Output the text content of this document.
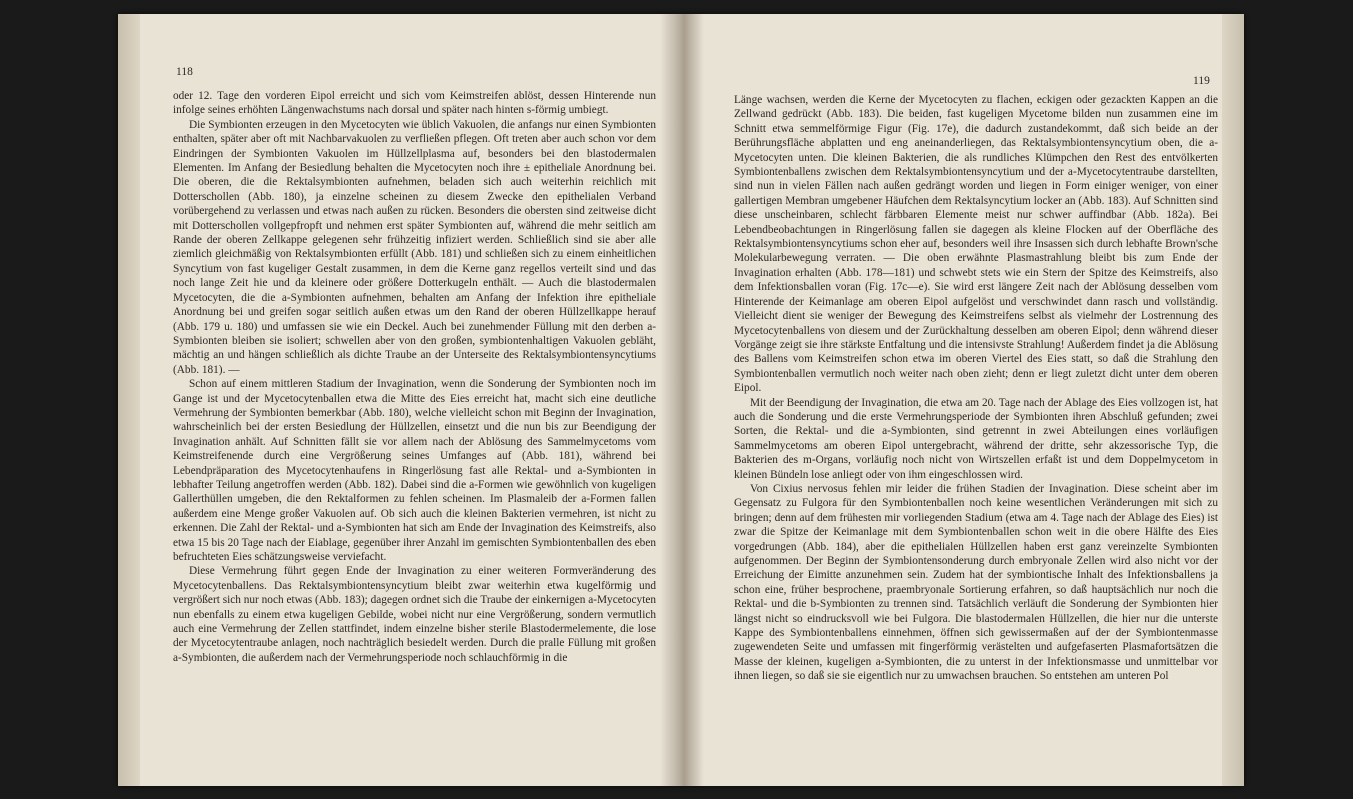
118
119

oder 12. Tage den vorderen Eipol erreicht und sich vom Keimstreifen ablöst, dessen Hinterende nun infolge seines erhöhten Längenwachstums nach dorsal und später nach hinten s-förmig umbiegt.

Die Symbionten erzeugen in den Mycetocyten wie üblich Vakuolen, die anfangs nur einen Symbionten enthalten, später aber oft mit Nachbarvakuolen zu verfließen pflegen. Oft treten aber auch schon vor dem Eindringen der Symbionten Vakuolen im Hüllzellplasma auf, besonders bei den blastodermalen Elementen. Im Anfang der Besiedlung behalten die Mycetocyten noch ihre ± epitheliale Anordnung bei. Die oberen, die die Rektalsymbionten aufnehmen, beladen sich auch weiterhin reichlich mit Dotterschollen (Abb. 180), ja einzelne scheinen zu diesem Zwecke den epithelialen Verband vorübergehend zu verlassen und etwas nach außen zu rücken. Besonders die obersten sind zeitweise dicht mit Dotterschollen vollgepfropft und nehmen erst später Symbionten auf, während die mehr seitlich am Rande der oberen Zellkappe gelegenen sehr frühzeitig infiziert werden. Schließlich sind sie aber alle ziemlich gleichmäßig von Rektalsymbionten erfüllt (Abb. 181) und schließen sich zu einem einheitlichen Syncytium von fast kugeliger Gestalt zusammen, in dem die Kerne ganz regellos verteilt sind und das noch lange Zeit hie und da kleinere oder größere Dotterkugeln enthält. — Auch die blastodermalen Mycetocyten, die die a-Symbionten aufnehmen, behalten am Anfang der Infektion ihre epitheliale Anordnung bei und greifen sogar seitlich außen etwas um den Rand der oberen Hüllzellkappe herauf (Abb. 179 u. 180) und umfassen sie wie ein Deckel. Auch bei zunehmender Füllung mit den derben a-Symbionten bleiben sie isoliert; schwellen aber von den großen, symbiontenhaltigen Vakuolen gebläht, mächtig an und hängen schließlich als dichte Traube an der Unterseite des Rektalsymbiontensyncytiums (Abb. 181). —

Schon auf einem mittleren Stadium der Invagination, wenn die Sonderung der Symbionten noch im Gange ist und der Mycetocytenballen etwa die Mitte des Eies erreicht hat, macht sich eine deutliche Vermehrung der Symbionten bemerkbar (Abb. 180), welche vielleicht schon mit Beginn der Invagination, wahrscheinlich bei der ersten Besiedlung der Hüllzellen, einsetzt und die nun bis zur Beendigung der Invagination anhält. Auf Schnitten fällt sie vor allem nach der Ablösung des Sammelmycetoms vom Keimstreifenende durch eine Vergrößerung seines Umfanges auf (Abb. 181), während bei Lebendpräparation des Mycetocytenhaufens in Ringerlösung fast alle Rektal- und a-Symbionten in lebhafter Teilung angetroffen werden (Abb. 182). Dabei sind die a-Formen wie gewöhnlich von kugeligen Gallerthüllen umgeben, die den Rektalformen zu fehlen scheinen. Im Plasmaleib der a-Formen fallen außerdem eine Menge großer Vakuolen auf. Ob sich auch die kleinen Bakterien vermehren, ist nicht zu erkennen. Die Zahl der Rektal- und a-Symbionten hat sich am Ende der Invagination des Keimstreifs, also etwa 15 bis 20 Tage nach der Eiablage, gegenüber ihrer Anzahl im gemischten Symbiontenballen des eben befruchteten Eies schätzungsweise verviefacht.

Diese Vermehrung führt gegen Ende der Invagination zu einer weiteren Formveränderung des Mycetocytenballens. Das Rektalsymbiontensyncytium bleibt zwar weiterhin etwa kugelförmig und vergrößert sich nur noch etwas (Abb. 183); dagegen ordnet sich die Traube der einkernigen a-Mycetocyten nun ebenfalls zu einem etwa kugeligen Gebilde, wobei nicht nur eine Vergrößerung, sondern vermutlich auch eine Vermehrung der Zellen stattfindet, indem einzelne bisher sterile Blastodermelemente, die lose der Mycetocytentraube anlagen, noch nachträglich besiedelt werden. Durch die pralle Füllung mit großen a-Symbionten, die außerdem nach der Vermehrungsperiode noch schlauchförmig in die

Länge wachsen, werden die Kerne der Mycetocyten zu flachen, eckigen oder gezackten Kappen an die Zellwand gedrückt (Abb. 183). Die beiden, fast kugeligen Mycetome bilden nun zusammen eine im Schnitt etwa semmelförmige Figur (Fig. 17e), die dadurch zustandekommt, daß sich beide an der Berührungsfläche abplatten und eng aneinanderliegen, das Rektalsymbiontensyncytium oben, die a-Mycetocyten unten. Die kleinen Bakterien, die als rundliches Klümpchen den Rest des entvölkerten Symbiontenballens zwischen dem Rektalsymbiontensyncytium und der a-Mycetocytentraube darstellten, sind nun in vielen Fällen nach außen gedrängt worden und liegen in Form einiger weniger, von einer gallertigen Membran umgebener Häufchen dem Rektalsyncytium locker an (Abb. 183). Auf Schnitten sind diese unscheinbaren, schlecht färbbaren Elemente meist nur schwer auffindbar (Abb. 182a). Bei Lebendbeobachtungen in Ringerlösung fallen sie dagegen als kleine Flocken auf der Oberfläche des Rektalsymbiontensyncytiums schon eher auf, besonders weil ihre Insassen sich durch lebhafte Brown'sche Molekularbewegung verraten. — Die oben erwähnte Plasmastrahlung bleibt bis zum Ende der Invagination erhalten (Abb. 178—181) und schwebt stets wie ein Stern der Spitze des Keimstreifs, also dem Infektionsballen voran (Fig. 17c—e). Sie wird erst längere Zeit nach der Ablösung desselben vom Hinterende der Keimanlage am oberen Eipol aufgelöst und verschwindet dann rasch und vollständig. Vielleicht dient sie weniger der Bewegung des Keimstreifens selbst als vielmehr der Lostrennung des Mycetocytenballens von diesem und der Zurückhaltung desselben am oberen Eipol; denn während dieser Vorgänge zeigt sie ihre stärkste Entfaltung und die intensivste Strahlung! Außerdem findet ja die Ablösung des Ballens vom Keimstreifen schon etwa im oberen Viertel des Eies statt, so daß die Strahlung den Symbiontenballen vermutlich noch weiter nach oben zieht; denn er liegt zuletzt dicht unter dem oberen Eipol.

Mit der Beendigung der Invagination, die etwa am 20. Tage nach der Ablage des Eies vollzogen ist, hat auch die Sonderung und die erste Vermehrungsperiode der Symbionten ihren Abschluß gefunden; zwei Sorten, die Rektal- und die a-Symbionten, sind getrennt in zwei Abteilungen eines vorläufigen Sammelmycetoms am oberen Eipol untergebracht, während der dritte, sehr akzessorische Typ, die Bakterien des m-Organs, vorläufig noch nicht von Wirtszellen erfaßt ist und dem Doppelmycetom in kleinen Bündeln lose anliegt oder von ihm eingeschlossen wird.

Von Cixius nervosus fehlen mir leider die frühen Stadien der Invagination. Diese scheint aber im Gegensatz zu Fulgora für den Symbiontenballen noch keine wesentlichen Veränderungen mit sich zu bringen; denn auf dem frühesten mir vorliegenden Stadium (etwa am 4. Tage nach der Ablage des Eies) ist zwar die Spitze der Keimanlage mit dem Symbiontenballen schon weit in die obere Hälfte des Eies vorgedrungen (Abb. 184), aber die epithelialen Hüllzellen haben erst ganz vereinzelte Symbionten aufgenommen. Der Beginn der Symbiontensonderung durch embryonale Zellen wird also nicht vor der Erreichung der Eimitte anzunehmen sein. Zudem hat der symbiontische Inhalt des Infektionsballens ja schon eine, früher besprochene, praembryonale Sortierung erfahren, so daß hauptsächlich nur noch die Rektal- und die b-Symbionten zu trennen sind. Tatsächlich verläuft die Sonderung der Symbionten hier längst nicht so eindrucksvoll wie bei Fulgora. Die blastodermalen Hüllzellen, die hier nur die unterste Kappe des Symbiontenballens einnehmen, öffnen sich gewissermaßen auf der der Symbiontenmasse zugewendeten Seite und umfassen mit fingerförmig verästelten und aufgefaserten Plasmafortsätzen die Masse der kleinen, kugeligen a-Symbionten, die zu unterst in der Infektionsmasse und unmittelbar vor ihnen liegen, so daß sie sie eigentlich nur zu umwachsen brauchen. So entstehen am unteren Pol
